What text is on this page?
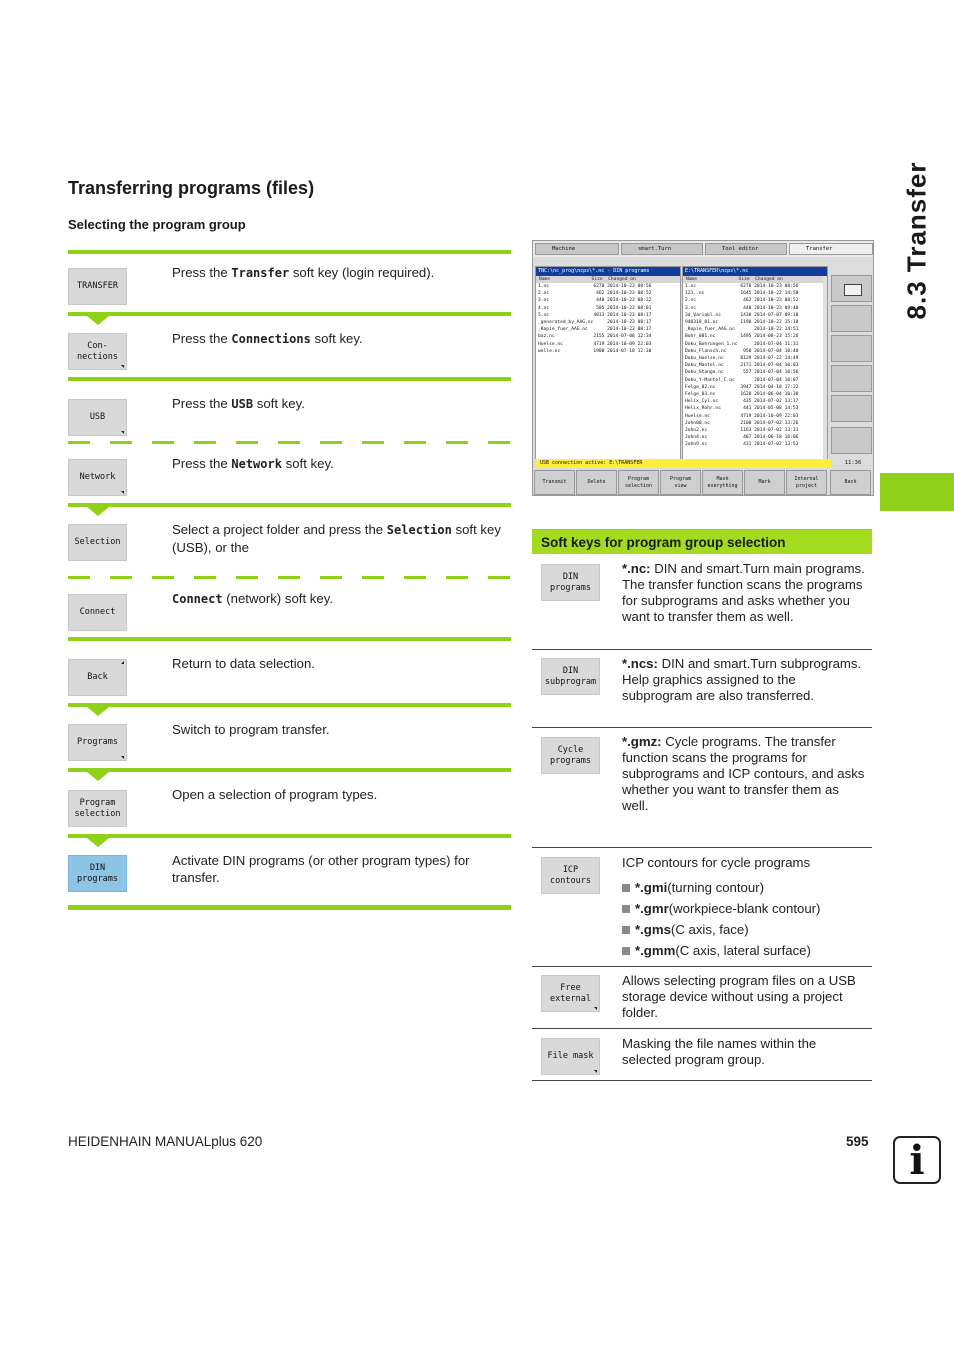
8.3 Transfer
Transferring programs (files)
Selecting the program group
TRANSFER
Press the Transfer soft key (login required).
Con-
nections
Press the Connections soft key.
USB
Press the USB soft key.
Network
Press the Network soft key.
Selection
Select a project folder and press the Selection soft key (USB), or the
Connect
Connect (network) soft key.
Back
Return to data selection.
Programs
Switch to program transfer.
Program
selection
Open a selection of program types.
DIN
programs
Activate DIN programs (or other program types) for transfer.
Machine	smart.Turn	Tool editor	Transfer
TNC:\nc_prog\ncps\*.nc - DIN programs
Name               Size  Changed on
1.nc                6270 2014-10-23 08:56
2.nc                 462 2014-10-23 08:52
3.nc                 440 2014-10-23 08:22
4.nc                 505 2014-10-23 08:01
5.nc                4813 2014-10-23 08:17
_generated_by_AAG.nc     2014-10-23 08:17
_Kopie_fuer_AAG.nc       2014-10-23 08:17
baz.nc              2155 2014-07-08 12:34
Huelse.nc           4719 2014-10-09 22:03
welle.nc            1908 2014-07-18 12:30
E:\TRANSFER\ncps\*.nc
Name               Size  Changed on
1.nc                6270 2014-10-23 08:56
123..nc             1645 2014-10-22 14:58
2.nc                 462 2014-10-23 08:52
3.nc                 440 2014-10-23 09:40
3d_Variabl.nc       1430 2014-07-07 09:18
940318_01.nc        1190 2014-10-22 15:18
_Kopie_fuer_AAG.nc       2014-10-22 14:51
Bohr_001.nc         1495 2014-08-23 15:26
Doku_Bohrungen_1.nc      2014-07-04 11:31
Doku_Flansch.nc      950 2014-07-04 10:40
Doku_Huelse.nc      8129 2014-07-22 14:49
Doku_Mantel.nc      2171 2014-07-04 10:03
Doku_Stange.nc       557 2014-07-04 10:56
Doku_Y-Mantel_C.nc       2014-07-04 10:07
Felge_02.nc         3947 2014-04-18 17:22
Felge_03.nc         1620 2014-06-04 10:30
Helix_Cyl.nc         435 2014-07-02 13:17
Helix_Rohr.nc        441 2014-05-08 14:53
Huelse.nc           4719 2014-10-09 22:03
John00.nc           2100 2014-07-02 13:26
John2.nc            1163 2014-07-02 13:31
John4.nc             487 2014-06-18 16:06
John9.nc             431 2014-07-02 13:53
USB connection active: E:\TRANSFER	11:36
Transmit	Delete
Program
selection
Program
view
Mask
everything
Mark
Internal
project
Back
Soft keys for program group selection
DIN
programs
*.nc: DIN and smart.Turn main programs. The transfer function scans the programs for subprograms and asks whether you want to transfer them as well.
DIN
subprogram
*.ncs: DIN and smart.Turn subprograms. Help graphics assigned to the subprogram are also transferred.
Cycle
programs
*.gmz: Cycle programs. The transfer function scans the programs for subprograms and ICP contours, and asks whether you want to transfer them as well.
ICP
contours
ICP contours for cycle programs
*.gmi (turning contour)
*.gmr (workpiece-blank contour)
*.gms (C axis, face)
*.gmm (C axis, lateral surface)
Free
external
Allows selecting program files on a USB storage device without using a project folder.
File mask
Masking the file names within the selected program group.
HEIDENHAIN MANUALplus 620	595	i
